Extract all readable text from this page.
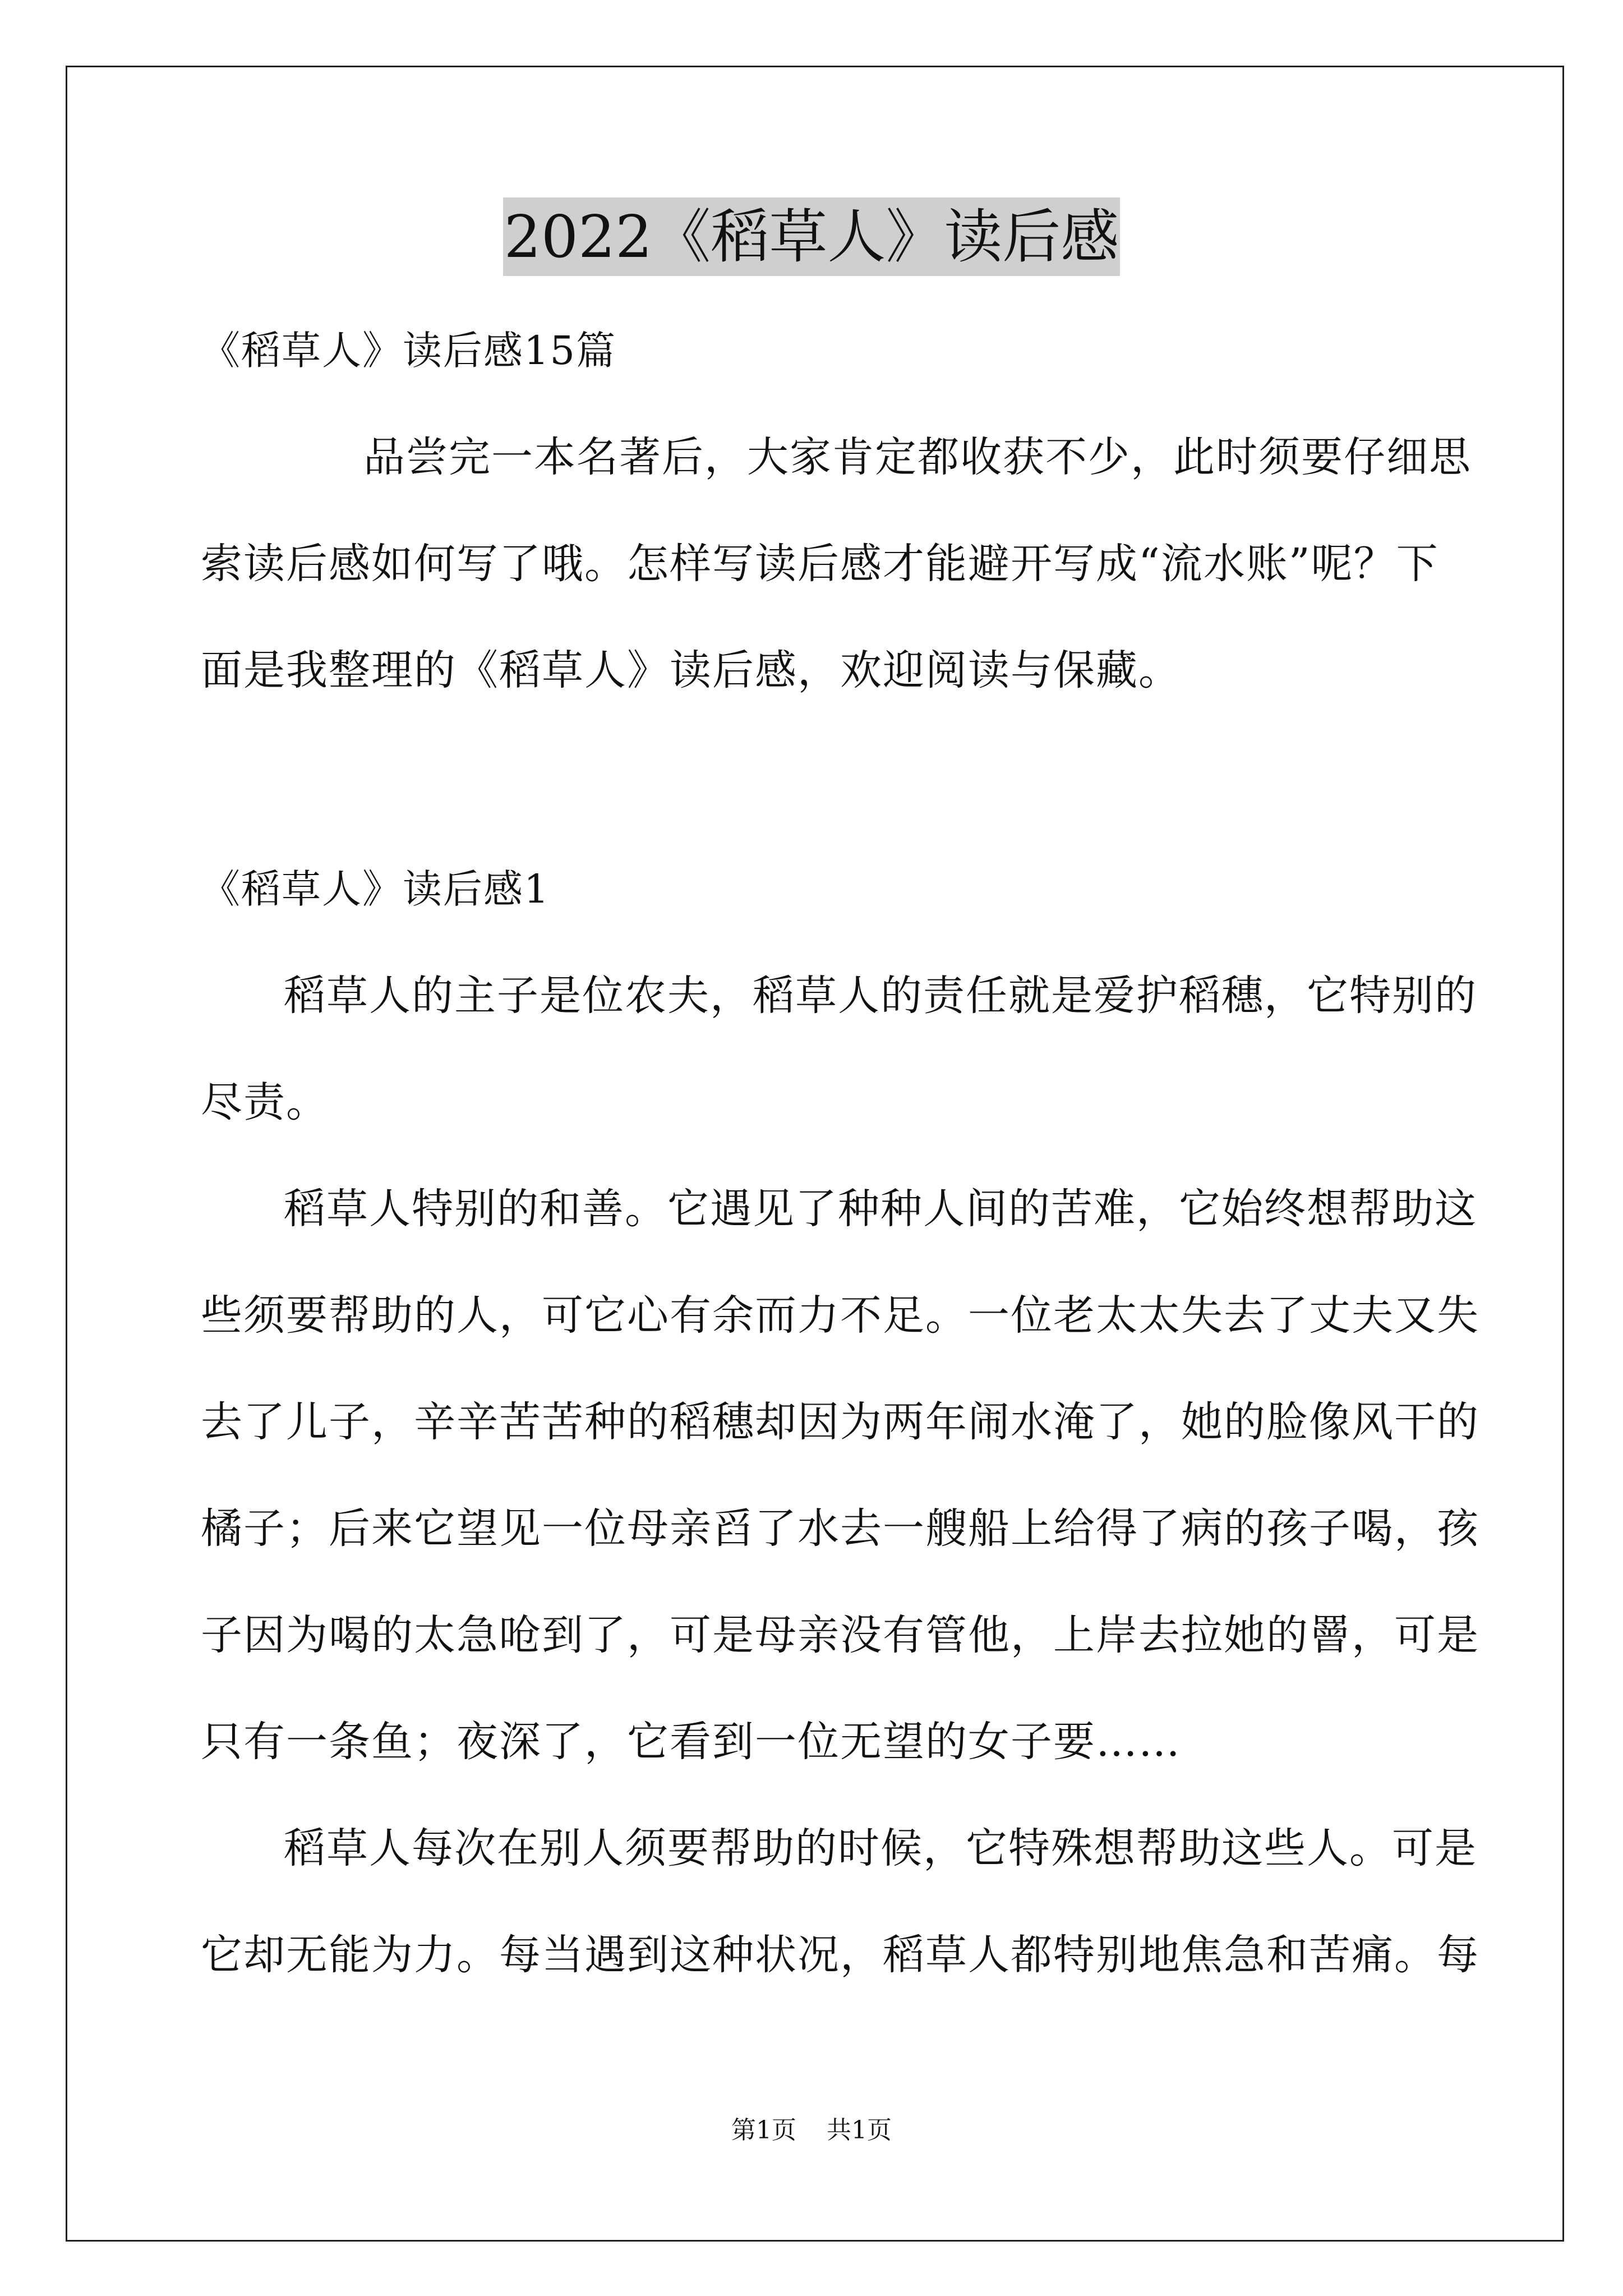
2022《稻草人》读后感
《稻草人》读后感15篇
品尝完一本名著后，大家肯定都收获不少，此时须要仔细思
索读后感如何写了哦。怎样写读后感才能避开写成“流水账”呢？下
面是我整理的《稻草人》读后感，欢迎阅读与保藏。
《稻草人》读后感1
稻草人的主子是位农夫，稻草人的责任就是爱护稻穗，它特别的
尽责。
稻草人特别的和善。它遇见了种种人间的苦难，它始终想帮助这
些须要帮助的人，可它心有余而力不足。一位老太太失去了丈夫又失
去了儿子，辛辛苦苦种的稻穗却因为两年闹水淹了，她的脸像风干的
橘子；后来它望见一位母亲舀了水去一艘船上给得了病的孩子喝，孩
子因为喝的太急呛到了，可是母亲没有管他，上岸去拉她的罾，可是
只有一条鱼；夜深了，它看到一位无望的女子要……
稻草人每次在别人须要帮助的时候，它特殊想帮助这些人。可是
它却无能为力。每当遇到这种状况，稻草人都特别地焦急和苦痛。每
第1页 共1页
